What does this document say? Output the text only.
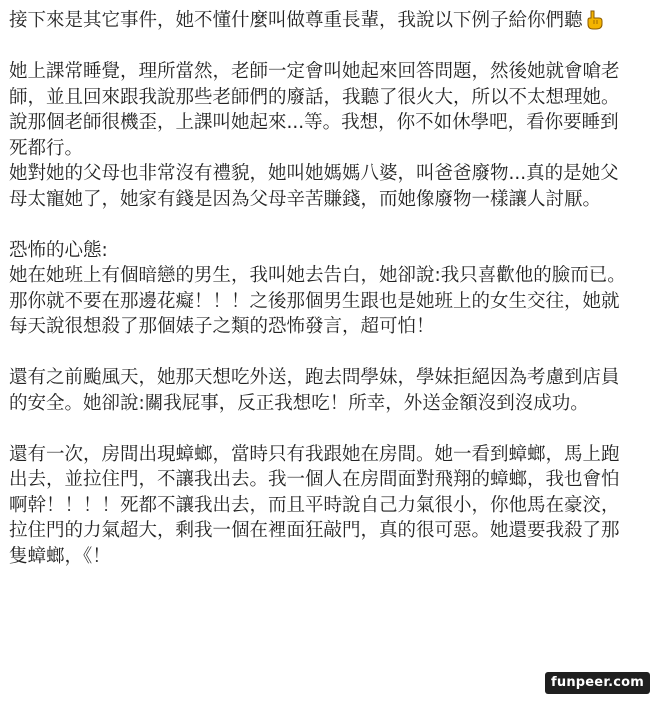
接下來是其它事件，她不懂什麼叫做尊重長輩，我說以下例子給你們聽
她上課常睡覺，理所當然，老師一定會叫她起來回答問題，然後她就會嗆老
師，並且回來跟我說那些老師們的廢話，我聽了很火大，所以不太想理她。
說那個老師很機歪，上課叫她起來...等。我想，你不如休學吧，看你要睡到
死都行。
她對她的父母也非常沒有禮貌，她叫她媽媽八婆，叫爸爸廢物...真的是她父
母太寵她了，她家有錢是因為父母辛苦賺錢，而她像廢物一樣讓人討厭。
恐怖的心態:
她在她班上有個暗戀的男生，我叫她去告白，她卻說:我只喜歡他的臉而已。
那你就不要在那邊花癡！！！之後那個男生跟也是她班上的女生交往，她就
每天說很想殺了那個婊子之類的恐怖發言，超可怕！
還有之前颱風天，她那天想吃外送，跑去問學妹，學妹拒絕因為考慮到店員
的安全。她卻說:關我屁事，反正我想吃！所幸，外送金額沒到沒成功。
還有一次，房間出現蟑螂，當時只有我跟她在房間。她一看到蟑螂，馬上跑
出去，並拉住門，不讓我出去。我一個人在房間面對飛翔的蟑螂，我也會怕
啊幹！！！！死都不讓我出去，而且平時說自己力氣很小，你他馬在豪洨，
拉住門的力氣超大，剩我一個在裡面狂敲門，真的很可惡。她還要我殺了那
隻蟑螂，《！
funpeer.com
